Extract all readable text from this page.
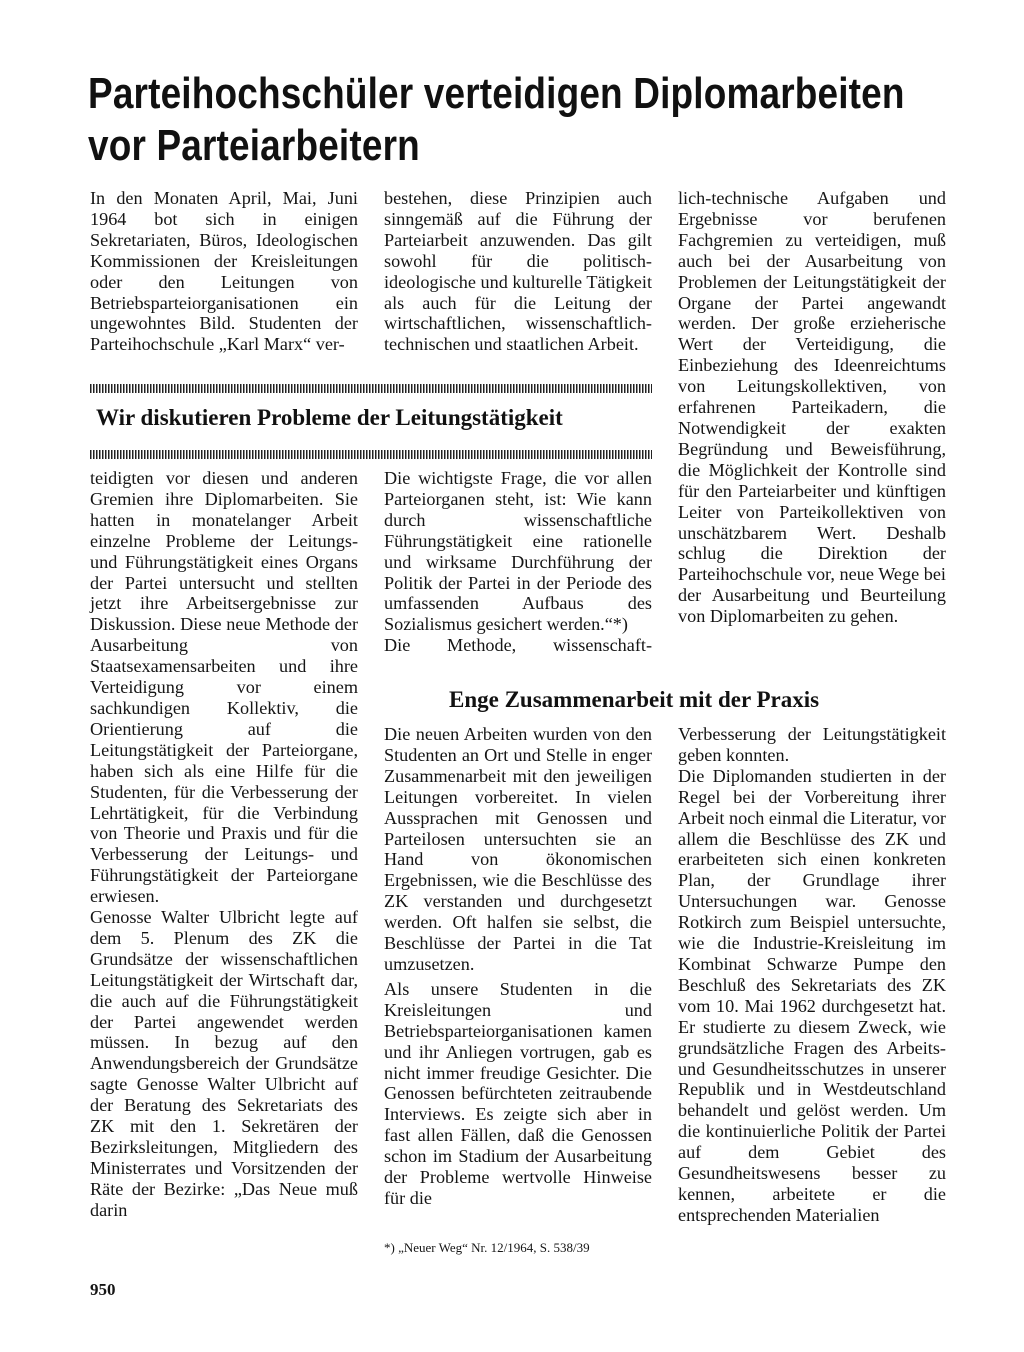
Parteihochschüler verteidigen Diplomarbeiten
vor Parteiarbeitern

In den Monaten April, Mai, Juni 1964 bot sich in einigen Sekretariaten, Büros, Ideologischen Kommissionen der Kreisleitungen oder den Leitungen von Betriebsparteiorganisationen ein ungewohntes Bild. Studenten der Parteihochschule „Karl Marx“ ver-

bestehen, diese Prinzipien auch sinngemäß auf die Führung der Parteiarbeit anzuwenden. Das gilt sowohl für die politisch-ideologische und kulturelle Tätigkeit als auch für die Leitung der wirtschaftlichen, wissenschaftlich-technischen und staatlichen Arbeit.

lich-technische Aufgaben und Ergebnisse vor berufenen Fachgremien zu verteidigen, muß auch bei der Ausarbeitung von Problemen der Leitungstätigkeit der Organe der Partei angewandt werden. Der große erzieherische Wert der Verteidigung, die Einbeziehung des Ideenreichtums von Leitungskollektiven, von erfahrenen Parteikadern, die Notwendigkeit der exakten Begründung und Beweisführung, die Möglichkeit der Kontrolle sind für den Parteiarbeiter und künftigen Leiter von Parteikollektiven von unschätzbarem Wert. Deshalb schlug die Direktion der Parteihochschule vor, neue Wege bei der Ausarbeitung und Beurteilung von Diplomarbeiten zu gehen.

Wir diskutieren Probleme der Leitungstätigkeit

teidigten vor diesen und anderen Gremien ihre Diplomarbeiten. Sie hatten in monatelanger Arbeit einzelne Probleme der Leitungs- und Führungstätigkeit eines Organs der Partei untersucht und stellten jetzt ihre Arbeitsergebnisse zur Diskussion. Diese neue Methode der Ausarbeitung von Staatsexamensarbeiten und ihre Verteidigung vor einem sachkundigen Kollektiv, die Orientierung auf die Leitungstätigkeit der Parteiorgane, haben sich als eine Hilfe für die Studenten, für die Verbesserung der Lehrtätigkeit, für die Verbindung von Theorie und Praxis und für die Verbesserung der Leitungs- und Führungstätigkeit der Parteiorgane erwiesen.

Genosse Walter Ulbricht legte auf dem 5. Plenum des ZK die Grundsätze der wissenschaftlichen Leitungstätigkeit der Wirtschaft dar, die auch auf die Führungstätigkeit der Partei angewendet werden müssen. In bezug auf den Anwendungsbereich der Grundsätze sagte Genosse Walter Ulbricht auf der Beratung des Sekretariats des ZK mit den 1. Sekretären der Bezirksleitungen, Mitgliedern des Ministerrates und Vorsitzenden der Räte der Bezirke: „Das Neue muß darin

Die wichtigste Frage, die vor allen Parteiorganen steht, ist: Wie kann durch wissenschaftliche Führungstätigkeit eine rationelle und wirksame Durchführung der Politik der Partei in der Periode des umfassenden Aufbaus des Sozialismus gesichert werden.“*)

Die Methode, wissenschaft-

Enge Zusammenarbeit mit der Praxis

Die neuen Arbeiten wurden von den Studenten an Ort und Stelle in enger Zusammenarbeit mit den jeweiligen Leitungen vorbereitet. In vielen Aussprachen mit Genossen und Parteilosen untersuchten sie an Hand von ökonomischen Ergebnissen, wie die Beschlüsse des ZK verstanden und durchgesetzt werden. Oft halfen sie selbst, die Beschlüsse der Partei in die Tat umzusetzen.

Als unsere Studenten in die Kreisleitungen und Betriebsparteiorganisationen kamen und ihr Anliegen vortrugen, gab es nicht immer freudige Gesichter. Die Genossen befürchteten zeitraubende Interviews. Es zeigte sich aber in fast allen Fällen, daß die Genossen schon im Stadium der Ausarbeitung der Probleme wertvolle Hinweise für die

Verbesserung der Leitungstätigkeit geben konnten.

Die Diplomanden studierten in der Regel bei der Vorbereitung ihrer Arbeit noch einmal die Literatur, vor allem die Beschlüsse des ZK und erarbeiteten sich einen konkreten Plan, der Grundlage ihrer Untersuchungen war. Genosse Rotkirch zum Beispiel untersuchte, wie die Industrie-Kreisleitung im Kombinat Schwarze Pumpe den Beschluß des Sekretariats des ZK vom 10. Mai 1962 durchgesetzt hat. Er studierte zu diesem Zweck, wie grundsätzliche Fragen des Arbeits- und Gesundheitsschutzes in unserer Republik und in Westdeutschland behandelt und gelöst werden. Um die kontinuierliche Politik der Partei auf dem Gebiet des Gesundheitswesens besser zu kennen, arbeitete er die entsprechenden Materialien

*) „Neuer Weg“ Nr. 12/1964, S. 538/39
950
